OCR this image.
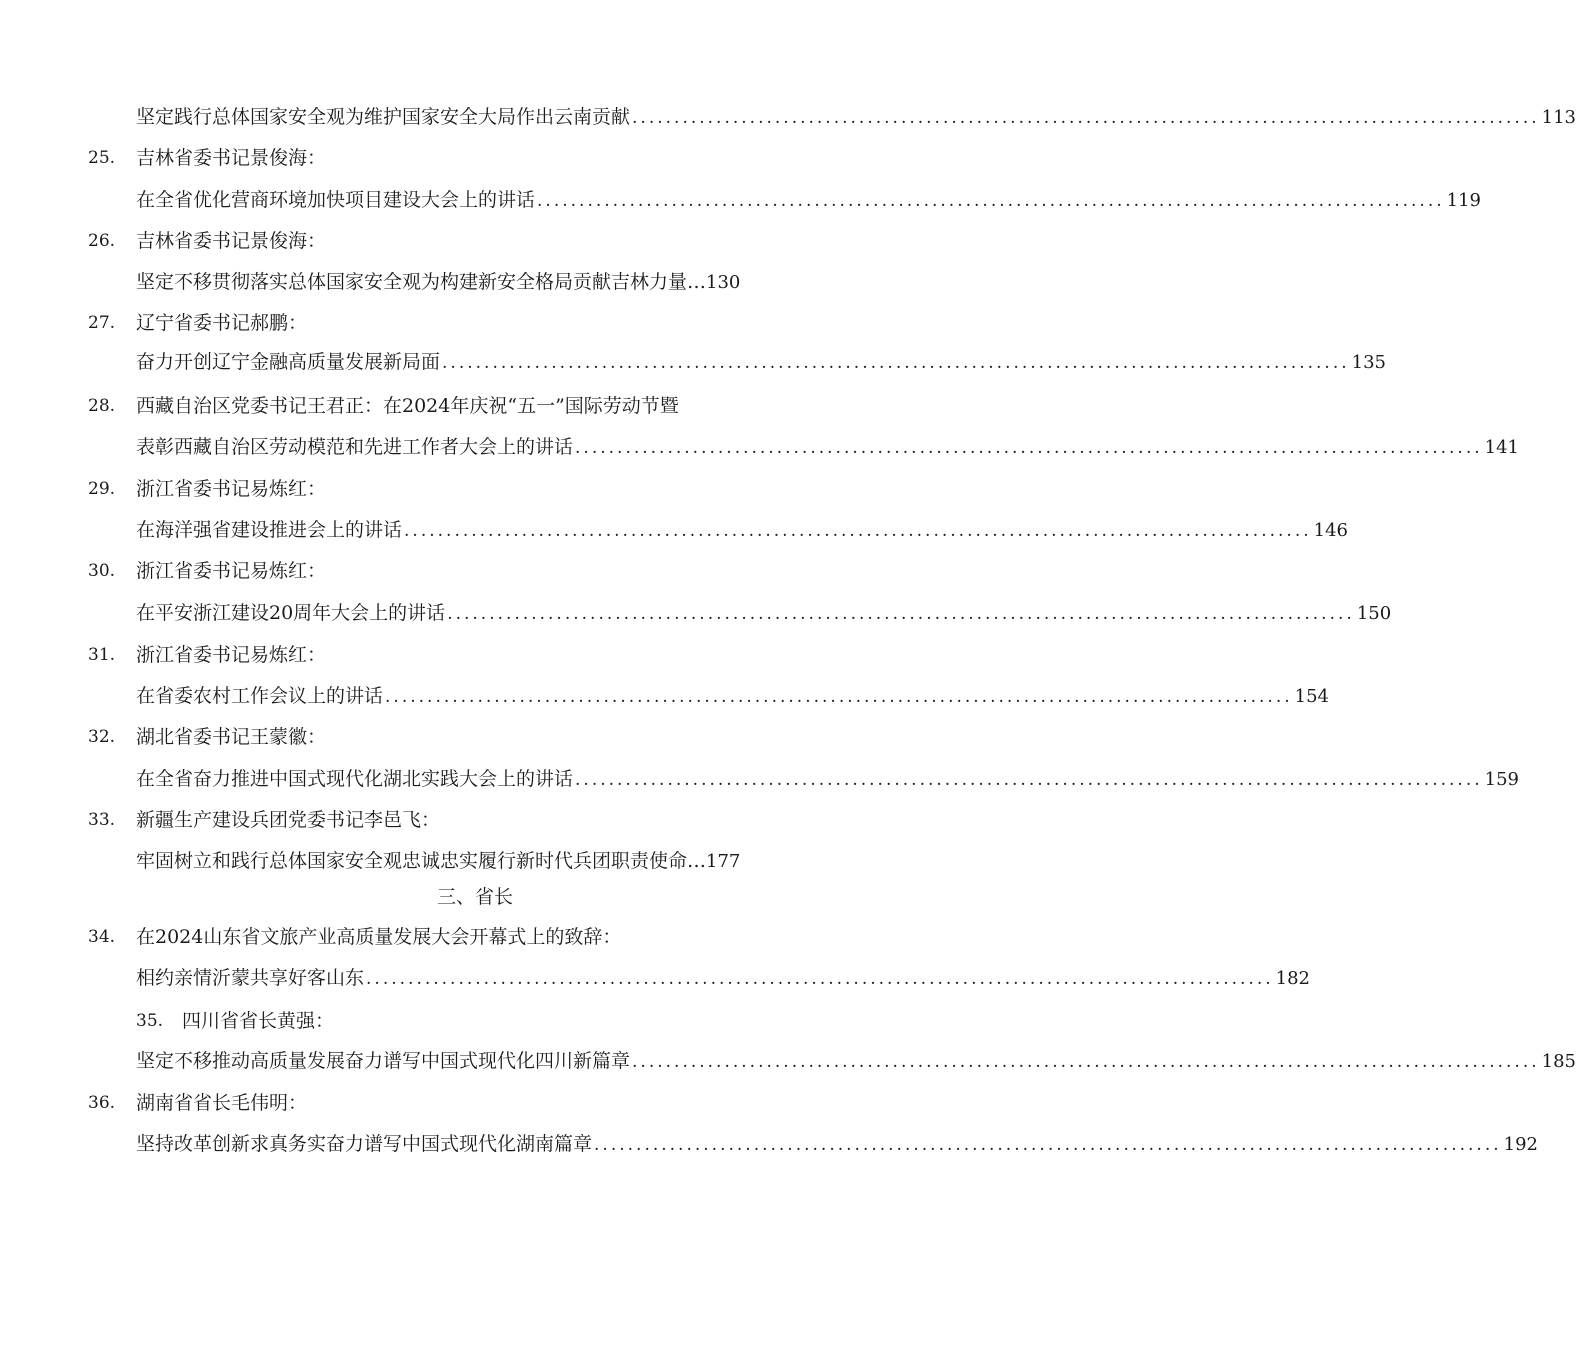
坚定践行总体国家安全观为维护国家安全大局作出云南贡献 ............................................................................................................ 113
25. 吉林省委书记景俊海：
在全省优化营商环境加快项目建设大会上的讲话 ............................................................................................................ 119
26. 吉林省委书记景俊海：
坚定不移贯彻落实总体国家安全观为构建新安全格局贡献吉林力量 … 130
27. 辽宁省委书记郝鹏：
奋力开创辽宁金融高质量发展新局面 ............................................................................................................ 135
28. 西藏自治区党委书记王君正：在2024年庆祝“五一”国际劳动节暨
表彰西藏自治区劳动模范和先进工作者大会上的讲话 ............................................................................................................ 141
29. 浙江省委书记易炼红：
在海洋强省建设推进会上的讲话 ............................................................................................................ 146
30. 浙江省委书记易炼红：
在平安浙江建设20周年大会上的讲话 ............................................................................................................ 150
31. 浙江省委书记易炼红：
在省委农村工作会议上的讲话 ............................................................................................................ 154
32. 湖北省委书记王蒙徽：
在全省奋力推进中国式现代化湖北实践大会上的讲话 ............................................................................................................ 159
33. 新疆生产建设兵团党委书记李邑飞：
牢固树立和践行总体国家安全观忠诚忠实履行新时代兵团职责使命 … 177
三、省长
34. 在2024山东省文旅产业高质量发展大会开幕式上的致辞：
相约亲情沂蒙共享好客山东 ............................................................................................................ 182
35. 四川省省长黄强：
坚定不移推动高质量发展奋力谱写中国式现代化四川新篇章 ............................................................................................................ 185
36. 湖南省省长毛伟明：
坚持改革创新求真务实奋力谱写中国式现代化湖南篇章 ............................................................................................................ 192
